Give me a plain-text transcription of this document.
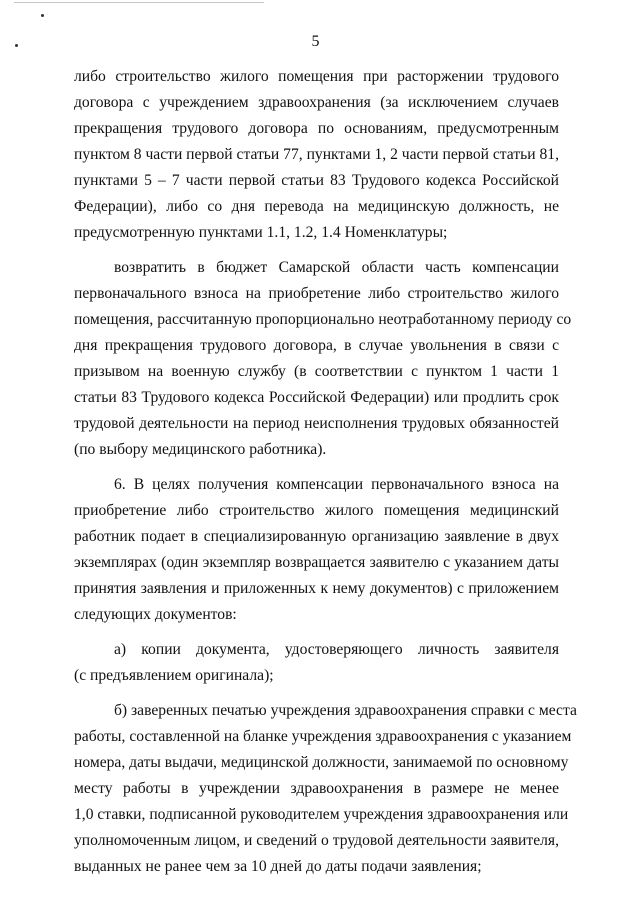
5
либо строительство жилого помещения при расторжении трудового
договора с учреждением здравоохранения (за исключением случаев
прекращения трудового договора по основаниям, предусмотренным
пунктом 8 части первой статьи 77, пунктами 1, 2 части первой статьи 81,
пунктами 5 – 7 части первой статьи 83 Трудового кодекса Российской
Федерации), либо со дня перевода на медицинскую должность, не
предусмотренную пунктами 1.1, 1.2, 1.4 Номенклатуры;
возвратить в бюджет Самарской области часть компенсации
первоначального взноса на приобретение либо строительство жилого
помещения, рассчитанную пропорционально неотработанному периоду со
дня прекращения трудового договора, в случае увольнения в связи с
призывом на военную службу (в соответствии с пунктом 1 части 1
статьи 83 Трудового кодекса Российской Федерации) или продлить срок
трудовой деятельности на период неисполнения трудовых обязанностей
(по выбору медицинского работника).
6. В целях получения компенсации первоначального взноса на
приобретение либо строительство жилого помещения медицинский
работник подает в специализированную организацию заявление в двух
экземплярах (один экземпляр возвращается заявителю с указанием даты
принятия заявления и приложенных к нему документов) с приложением
следующих документов:
а) копии документа, удостоверяющего личность заявителя
(с предъявлением оригинала);
б) заверенных печатью учреждения здравоохранения справки с места
работы, составленной на бланке учреждения здравоохранения с указанием
номера, даты выдачи, медицинской должности, занимаемой по основному
месту работы в учреждении здравоохранения в размере не менее
1,0 ставки, подписанной руководителем учреждения здравоохранения или
уполномоченным лицом, и сведений о трудовой деятельности заявителя,
выданных не ранее чем за 10 дней до даты подачи заявления;
